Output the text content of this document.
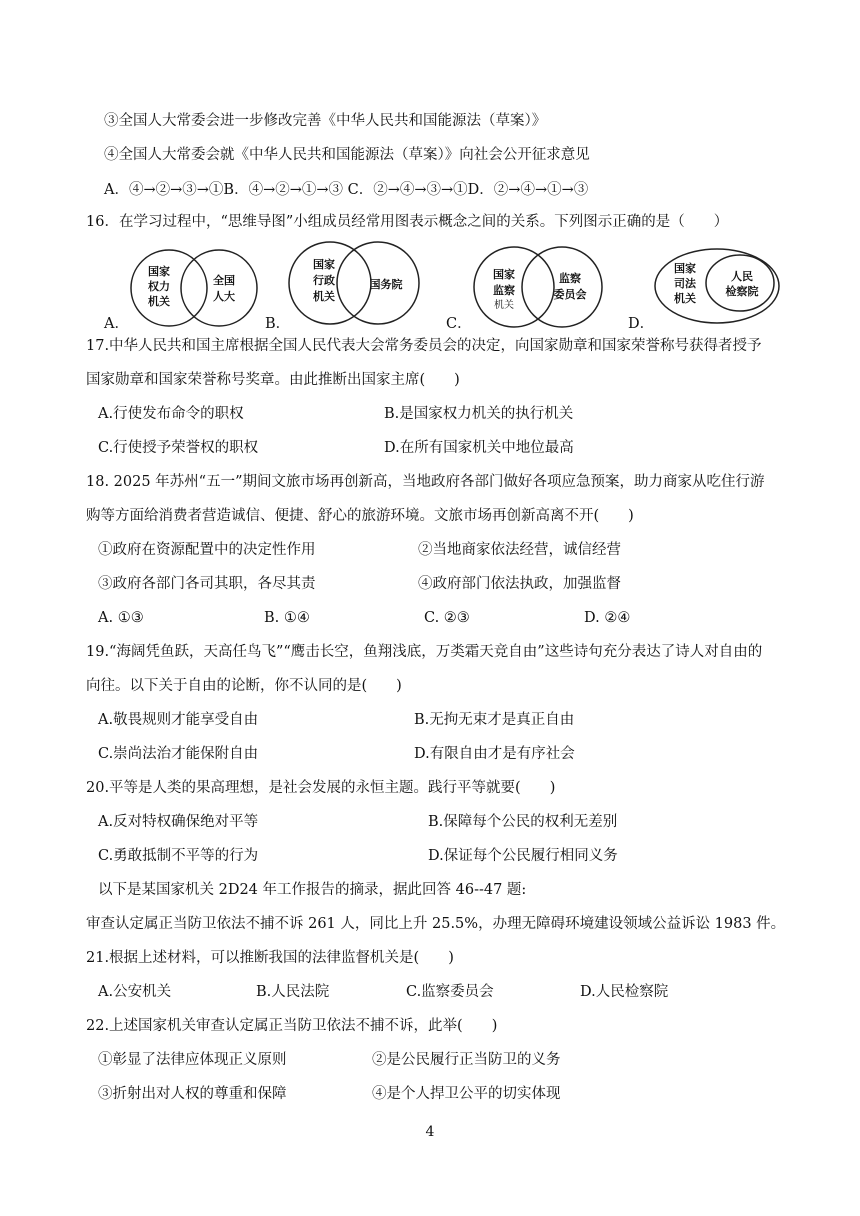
③全国人大常委会进一步修改完善《中华人民共和国能源法（草案）》
④全国人大常委会就《中华人民共和国能源法（草案）》向社会公开征求意见
A．④→②→③→①B．④→②→①→③ C．②→④→③→①D．②→④→①→③
16．在学习过程中，“思维导图”小组成员经常用图表示概念之间的关系。下列图示正确的是（　　）
A．
国家
权力
机关
全国
人大
B．
国家
行政
机关
国务院
C．
国家
监察
机关
监察
委员会
D．
国家
司法
机关
人民
检察院
17.中华人民共和国主席根据全国人民代表大会常务委员会的决定，向国家勋章和国家荣誉称号获得者授予
国家勋章和国家荣誉称号奖章。由此推断出国家主席(　　)
A.行使发布命令的职权	B.是国家权力机关的执行机关
C.行使授予荣誉权的职权	D.在所有国家机关中地位最高
18. 2025 年苏州“五一”期间文旅市场再创新高，当地政府各部门做好各项应急预案，助力商家从吃住行游
购等方面给消费者营造诚信、便捷、舒心的旅游环境。文旅市场再创新高离不开(　　)
①政府在资源配置中的决定性作用	②当地商家依法经营，诚信经营
③政府各部门各司其职，各尽其责	④政府部门依法执政，加强监督
A. ①③	B. ①④	C. ②③	D. ②④
19.“海阔凭鱼跃，天高任鸟飞”“鹰击长空，鱼翔浅底，万类霜天竞自由”这些诗句充分表达了诗人对自由的
向往。以下关于自由的论断，你不认同的是(　　)
A.敬畏规则才能享受自由	B.无拘无束才是真正自由
C.崇尚法治才能保附自由	D.有限自由才是有序社会
20.平等是人类的果高理想，是社会发展的永恒主题。践行平等就要(　　)
A.反对特权确保绝对平等	B.保障每个公民的权利无差别
C.勇敢抵制不平等的行为	D.保证每个公民履行相同义务
以下是某国家机关 2D24 年工作报告的摘录，据此回答 46--47 题:
审查认定属正当防卫依法不捕不诉 261 人，同比上升 25.5%，办理无障碍环境建设领域公益诉讼 1983 件。
21.根据上述材料，可以推断我国的法律监督机关是(　　)
A.公安机关	B.人民法院	C.监察委员会	D.人民检察院
22.上述国家机关审查认定属正当防卫依法不捕不诉，此举(　　)
①彰显了法律应体现正义原则	②是公民履行正当防卫的义务
③折射出对人权的尊重和保障	④是个人捍卫公平的切实体现
4
